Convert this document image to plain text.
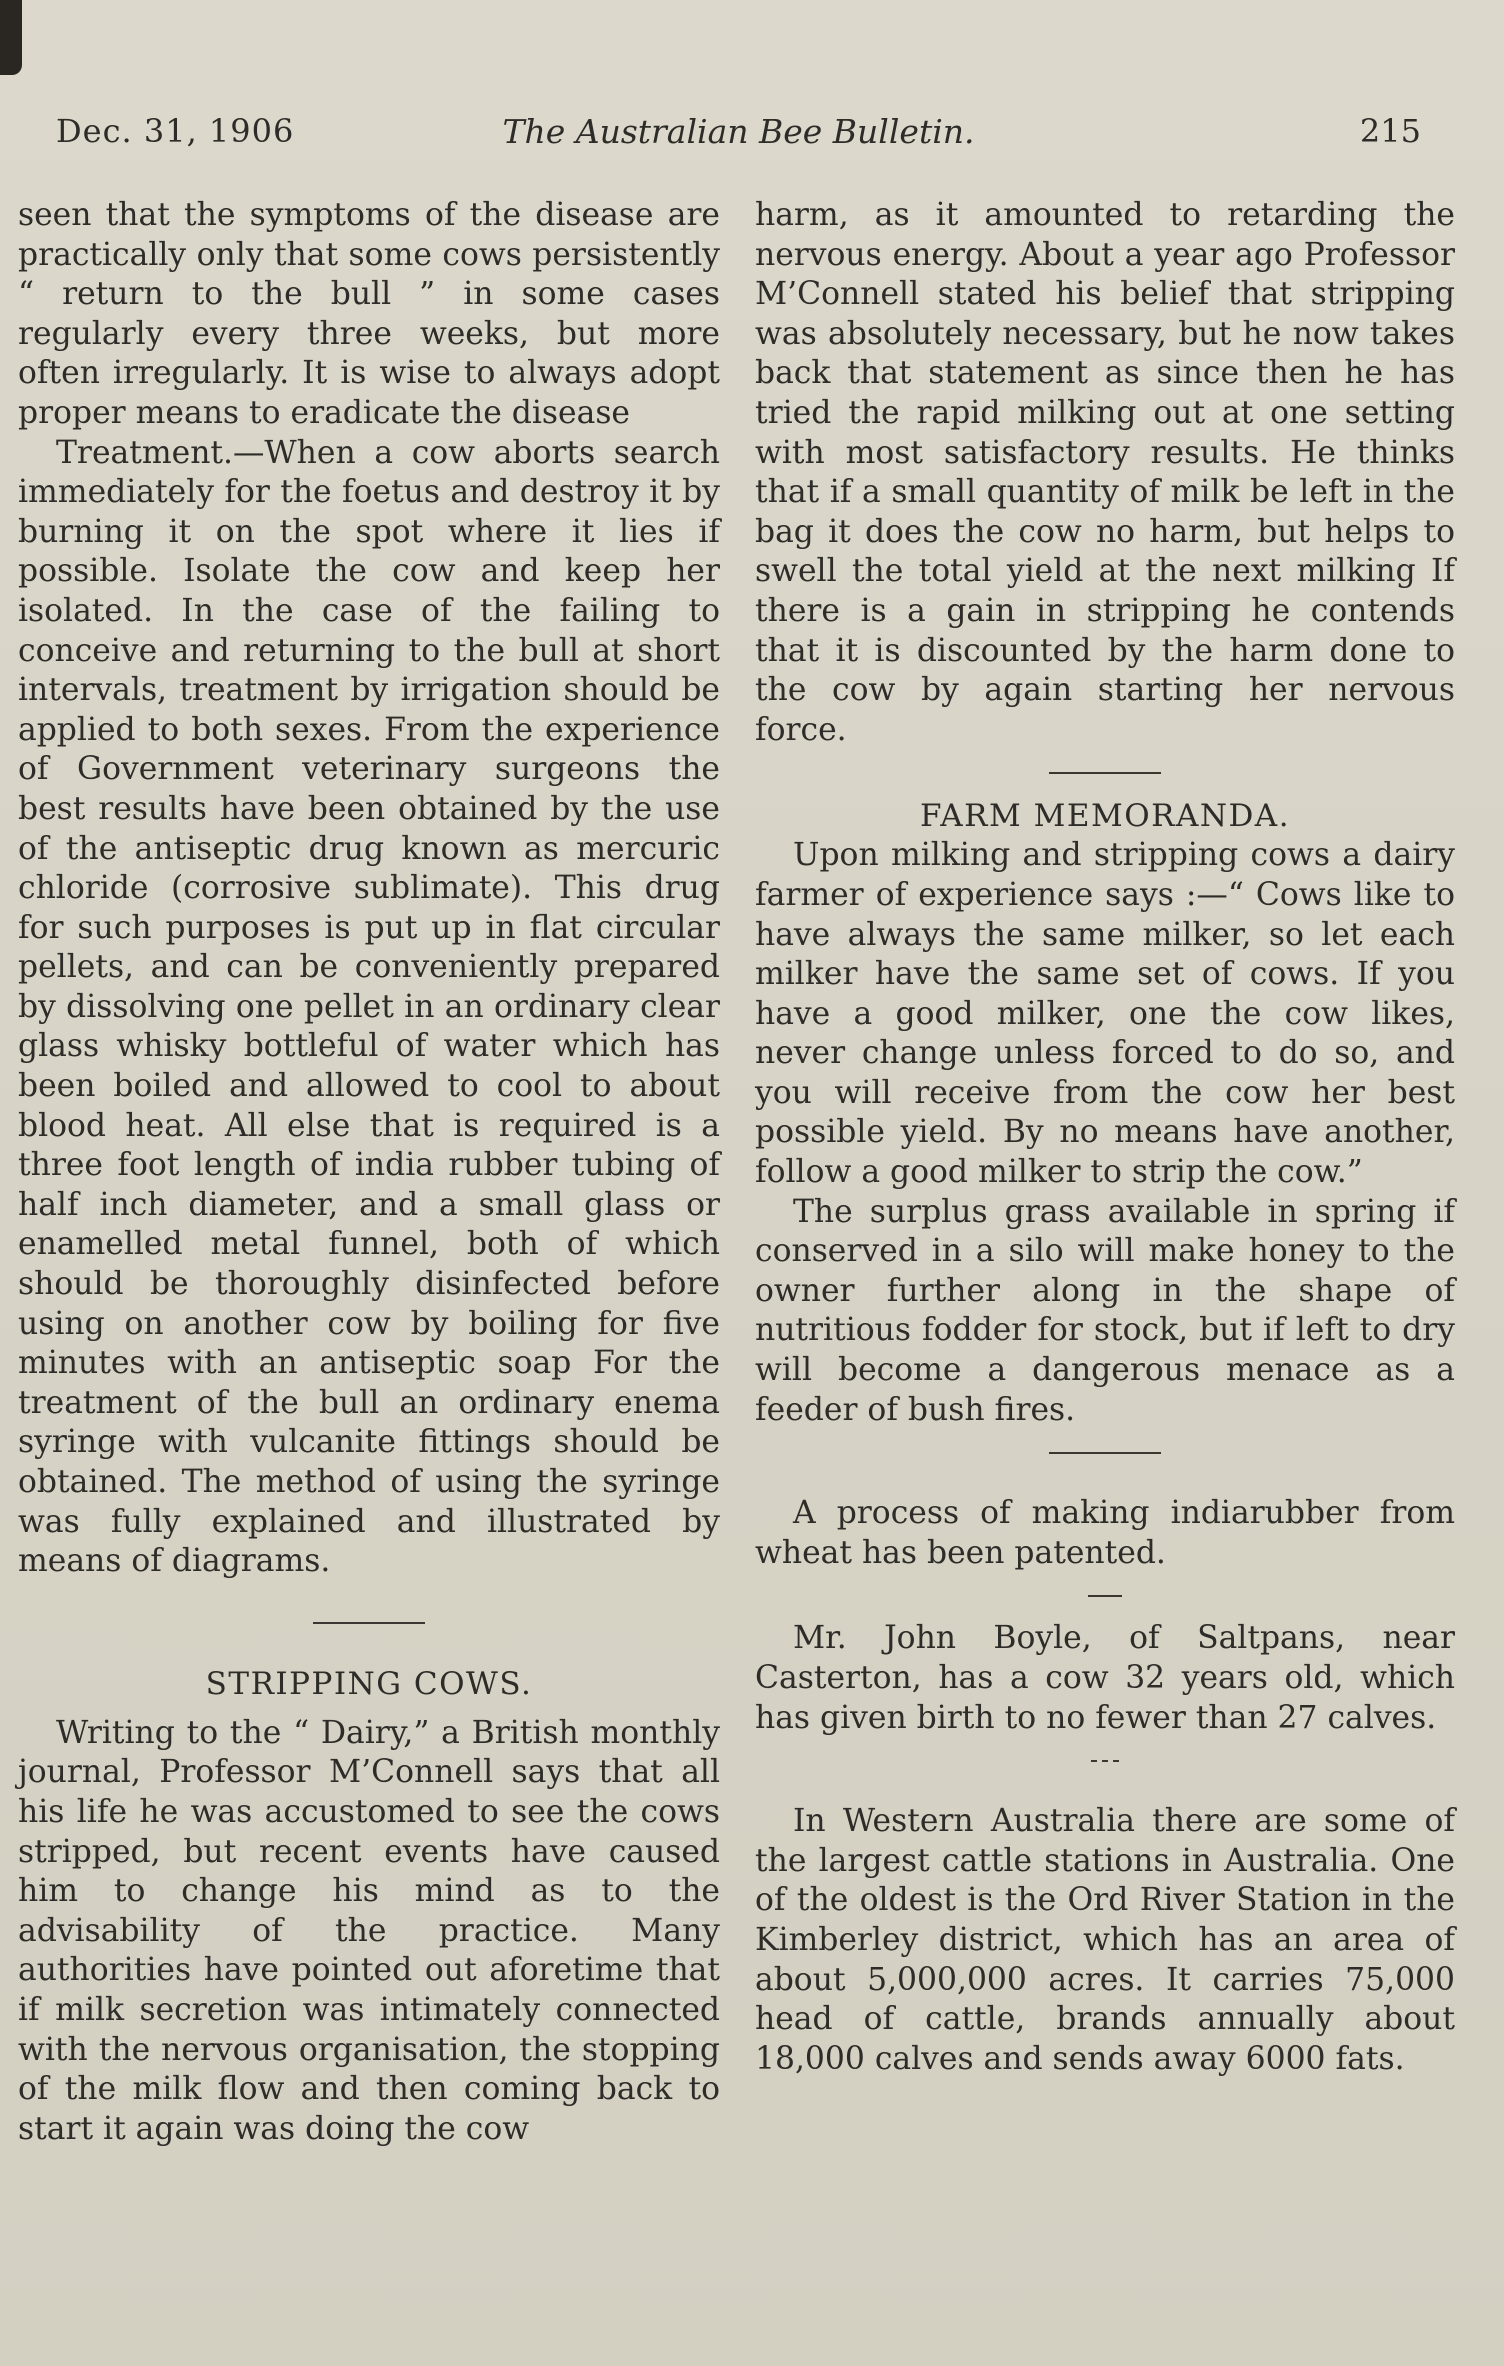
Dec. 31, 1906	The Australian Bee Bulletin.	215

seen that the symptoms of the disease are practically only that some cows persistently “ return to the bull ” in some cases regularly every three weeks, but more often irregularly. It is wise to always adopt proper means to eradicate the disease

Treatment.—When a cow aborts search immediately for the foetus and destroy it by burning it on the spot where it lies if possible. Isolate the cow and keep her isolated. In the case of the failing to conceive and returning to the bull at short intervals, treatment by irrigation should be applied to both sexes. From the experience of Government veterinary surgeons the best results have been obtained by the use of the antiseptic drug known as mercuric chloride (corrosive sublimate). This drug for such purposes is put up in flat circular pellets, and can be conveniently prepared by dissolving one pellet in an ordinary clear glass whisky bottleful of water which has been boiled and allowed to cool to about blood heat. All else that is required is a three foot length of india rubber tubing of half inch diameter, and a small glass or enamelled metal funnel, both of which should be thoroughly disinfected before using on another cow by boiling for five minutes with an antiseptic soap For the treatment of the bull an ordinary enema syringe with vulcanite fittings should be obtained. The method of using the syringe was fully explained and illustrated by means of diagrams.

STRIPPING COWS.

Writing to the “ Dairy,” a British monthly journal, Professor M’Connell says that all his life he was accustomed to see the cows stripped, but recent events have caused him to change his mind as to the advisability of the practice. Many authorities have pointed out aforetime that if milk secretion was intimately connected with the nervous organisation, the stopping of the milk flow and then coming back to start it again was doing the cow

harm, as it amounted to retarding the nervous energy. About a year ago Professor M’Connell stated his belief that stripping was absolutely necessary, but he now takes back that statement as since then he has tried the rapid milking out at one setting with most satisfactory results. He thinks that if a small quantity of milk be left in the bag it does the cow no harm, but helps to swell the total yield at the next milking If there is a gain in stripping he contends that it is discounted by the harm done to the cow by again starting her nervous force.

FARM MEMORANDA.

Upon milking and stripping cows a dairy farmer of experience says :—“ Cows like to have always the same milker, so let each milker have the same set of cows. If you have a good milker, one the cow likes, never change unless forced to do so, and you will receive from the cow her best possible yield. By no means have another, follow a good milker to strip the cow.”

The surplus grass available in spring if conserved in a silo will make honey to the owner further along in the shape of nutritious fodder for stock, but if left to dry will become a dangerous menace as a feeder of bush fires.

A process of making indiarubber from wheat has been patented.

Mr. John Boyle, of Saltpans, near Casterton, has a cow 32 years old, which has given birth to no fewer than 27 calves.

In Western Australia there are some of the largest cattle stations in Australia. One of the oldest is the Ord River Station in the Kimberley district, which has an area of about 5,000,000 acres. It carries 75,000 head of cattle, brands annually about 18,000 calves and sends away 6000 fats.
